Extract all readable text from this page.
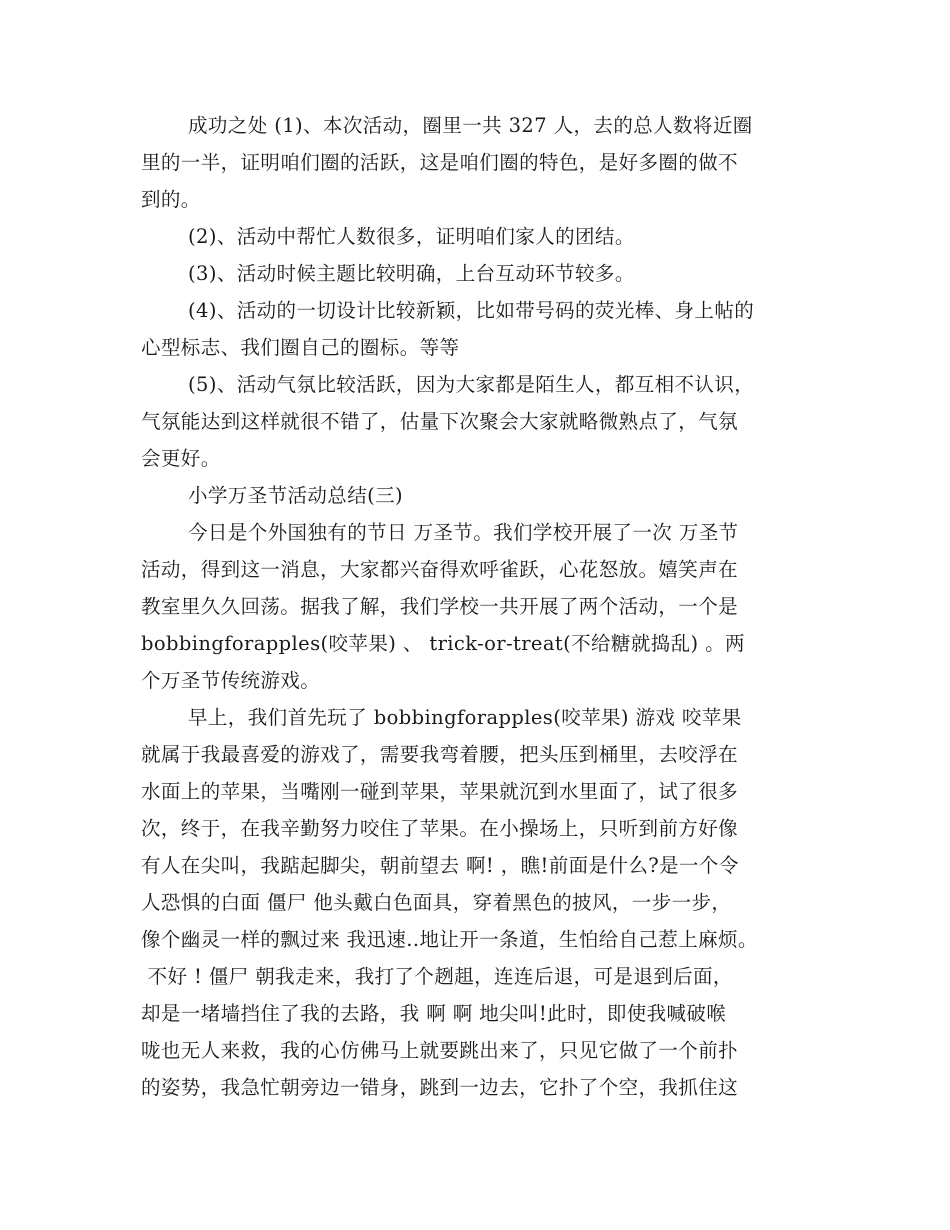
成功之处 (1)、本次活动，圈里一共 327 人，去的总人数将近圈
里的一半，证明咱们圈的活跃，这是咱们圈的特色，是好多圈的做不
到的。
(2)、活动中帮忙人数很多，证明咱们家人的团结。
(3)、活动时候主题比较明确，上台互动环节较多。
(4)、活动的一切设计比较新颖，比如带号码的荧光棒、身上帖的
心型标志、我们圈自己的圈标。等等
(5)、活动气氛比较活跃，因为大家都是陌生人，都互相不认识，
气氛能达到这样就很不错了，估量下次聚会大家就略微熟点了，气氛
会更好。
小学万圣节活动总结(三)
今日是个外国独有的节日 万圣节。我们学校开展了一次 万圣节
活动，得到这一消息，大家都兴奋得欢呼雀跃，心花怒放。嬉笑声在
教室里久久回荡。据我了解，我们学校一共开展了两个活动，一个是
bobbingforapples(咬苹果) 、 trick-or-treat(不给糖就捣乱) 。两
个万圣节传统游戏。
早上，我们首先玩了 bobbingforapples(咬苹果) 游戏 咬苹果
就属于我最喜爱的游戏了，需要我弯着腰，把头压到桶里，去咬浮在
水面上的苹果，当嘴刚一碰到苹果，苹果就沉到水里面了，试了很多
次，终于，在我辛勤努力咬住了苹果。在小操场上，只听到前方好像
有人在尖叫，我踮起脚尖，朝前望去 啊! ，瞧!前面是什么?是一个令
人恐惧的白面 僵尸 他头戴白色面具，穿着黑色的披风，一步一步，
像个幽灵一样的飘过来 我迅速..地让开一条道，生怕给自己惹上麻烦。
不好 ! 僵尸 朝我走来，我打了个趔趄，连连后退，可是退到后面，
却是一堵墙挡住了我的去路，我 啊 啊 地尖叫!此时，即使我喊破喉
咙也无人来救，我的心仿佛马上就要跳出来了，只见它做了一个前扑
的姿势，我急忙朝旁边一错身，跳到一边去，它扑了个空，我抓住这
